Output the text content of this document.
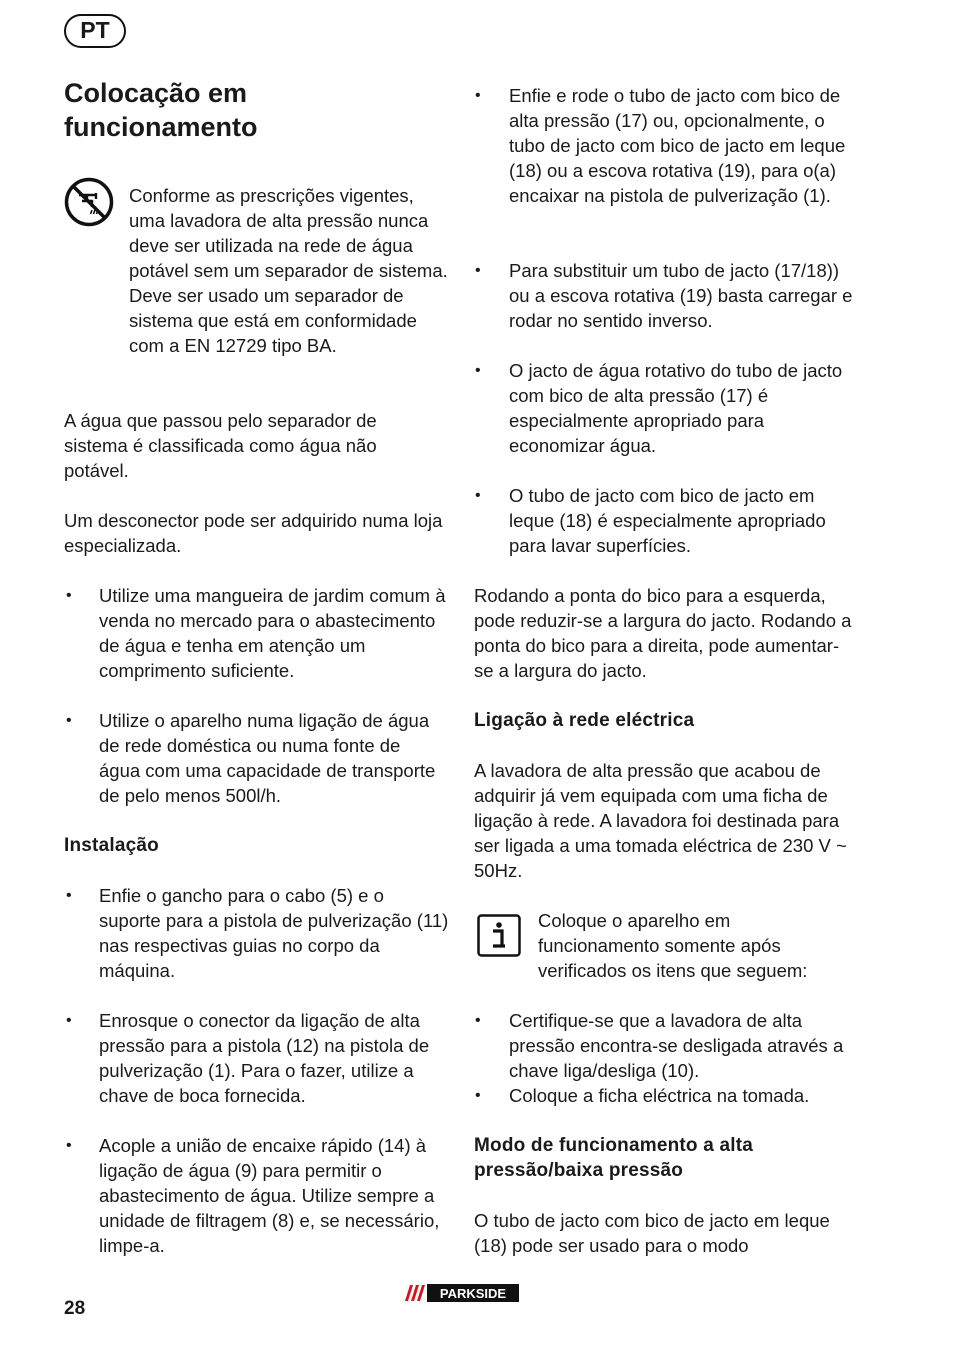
PT
Colocação em funcionamento

Conforme as prescrições vigentes, uma lavadora de alta pressão nunca deve ser utilizada na rede de água potável sem um separador de sistema. Deve ser usado um separador de sistema que está em conformidade com a EN 12729 tipo BA.

A água que passou pelo separador de sistema é classificada como água não potável.

Um desconector pode ser adquirido numa loja especializada.

• Utilize uma mangueira de jardim comum à venda no mercado para o abastecimento de água e tenha em atenção um comprimento suficiente.

• Utilize o aparelho numa ligação de água de rede doméstica ou numa fonte de água com uma capacidade de transporte de pelo menos 500l/h.

Instalação
• Enfie o gancho para o cabo (5) e o suporte para a pistola de pulverização (11) nas respectivas guias no corpo da máquina.

• Enrosque o conector da ligação de alta pressão para a pistola (12) na pistola de pulverização (1). Para o fazer, utilize a chave de boca fornecida.

• Acople a união de encaixe rápido (14) à ligação de água (9) para permitir o abastecimento de água. Utilize sempre a unidade de filtragem (8) e, se necessário, limpe-a.

• Enfie e rode o tubo de jacto com bico de alta pressão (17) ou, opcionalmente, o tubo de jacto com bico de jacto em leque (18) ou a escova rotativa (19), para o(a) encaixar na pistola de pulverização (1).

• Para substituir um tubo de jacto (17/18)) ou a escova rotativa (19) basta carregar e rodar no sentido inverso.

• O jacto de água rotativo do tubo de jacto com bico de alta pressão (17) é especialmente apropriado para economizar água.

• O tubo de jacto com bico de jacto em leque (18) é especialmente apropriado para lavar superfícies.

Rodando a ponta do bico para a esquerda, pode reduzir-se a largura do jacto. Rodando a ponta do bico para a direita, pode aumentar-se a largura do jacto.

Ligação à rede eléctrica

A lavadora de alta pressão que acabou de adquirir já vem equipada com uma ficha de ligação à rede. A lavadora foi destinada para ser ligada a uma tomada eléctrica de 230 V ~ 50Hz.

Coloque o aparelho em funcionamento somente após verificados os itens que seguem:

• Certifique-se que a lavadora de alta pressão encontra-se desligada através a chave liga/desliga (10).

• Coloque a ficha eléctrica na tomada.

Modo de funcionamento a alta pressão/baixa pressão

O tubo de jacto com bico de jacto em leque (18) pode ser usado para o modo

28
PARKSIDE
